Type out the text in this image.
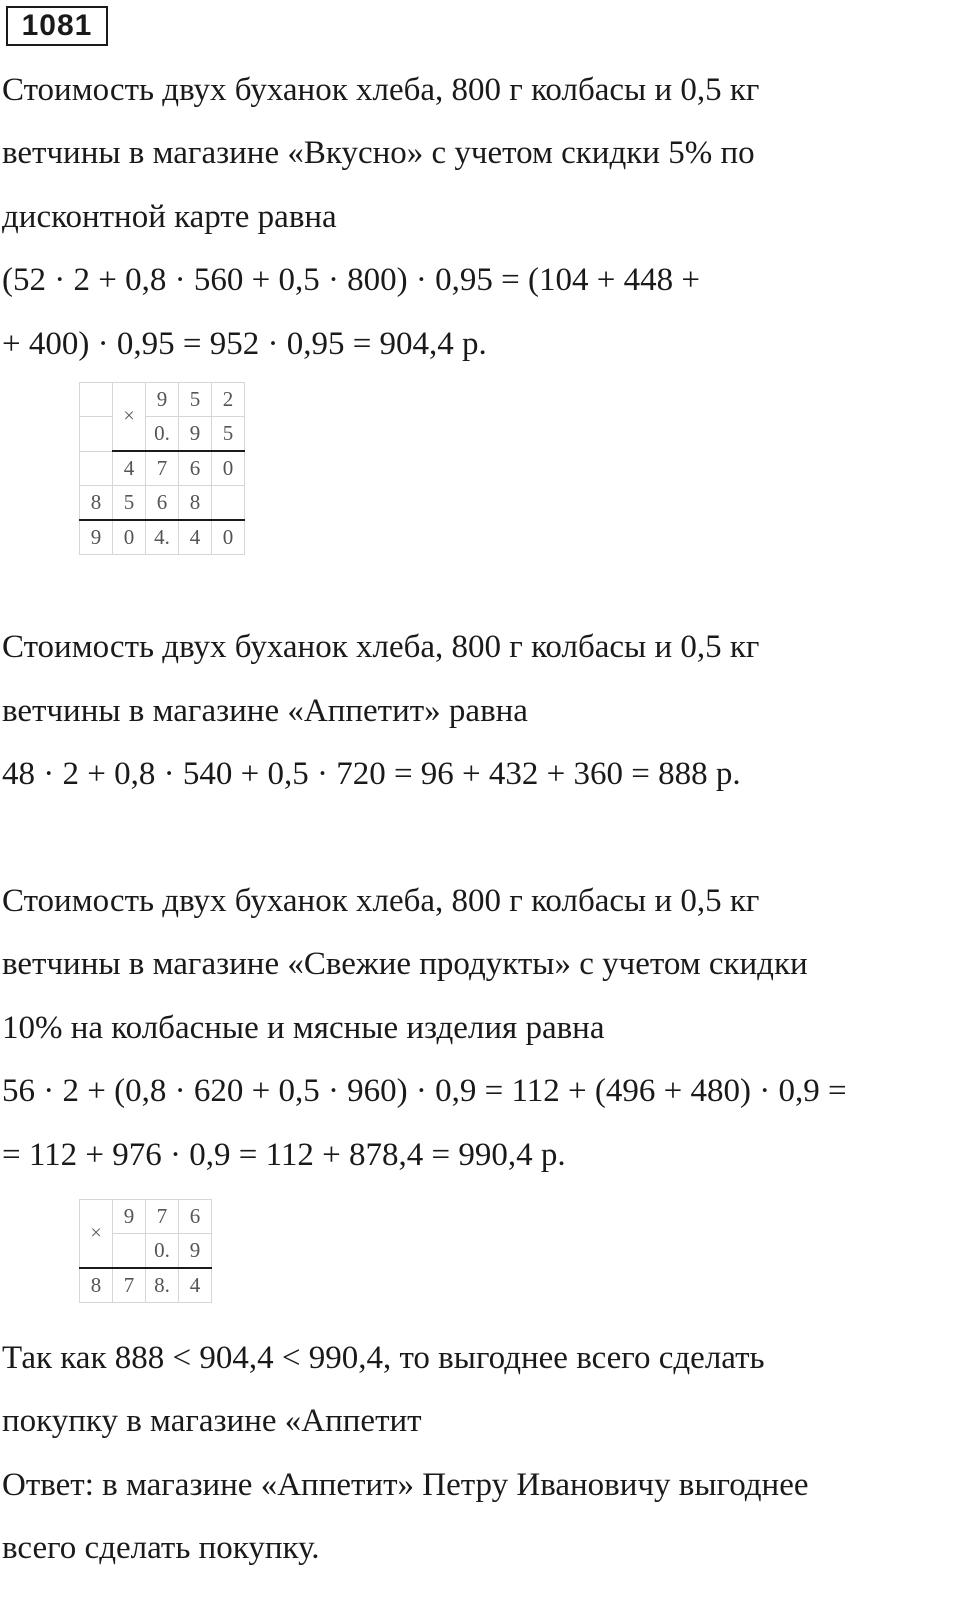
1081
Стоимость двух буханок хлеба, 800 г колбасы и 0,5 кг
ветчины в магазине «Вкусно» с учетом скидки 5% по
дисконтной карте равна
(52 · 2 + 0,8 · 560 + 0,5 · 800) · 0,95 = (104 + 448 +
+ 400) · 0,95 = 952 · 0,95 = 904,4 р.
	×	9	5	2
		0.	9	5
	4	7	6	0
8	5	6	8	
9	0	4.	4	0
Стоимость двух буханок хлеба, 800 г колбасы и 0,5 кг
ветчины в магазине «Аппетит» равна
48 · 2 + 0,8 · 540 + 0,5 · 720 = 96 + 432 + 360 = 888 р.
Стоимость двух буханок хлеба, 800 г колбасы и 0,5 кг
ветчины в магазине «Свежие продукты» с учетом скидки
10% на колбасные и мясные изделия равна
56 · 2 + (0,8 · 620 + 0,5 · 960) · 0,9 = 112 + (496 + 480) · 0,9 =
= 112 + 976 · 0,9 = 112 + 878,4 = 990,4 р.
×	9	7	6
		0.	9
8	7	8.	4
Так как 888 < 904,4 < 990,4, то выгоднее всего сделать
покупку в магазине «Аппетит
Ответ: в магазине «Аппетит» Петру Ивановичу выгоднее
всего сделать покупку.
